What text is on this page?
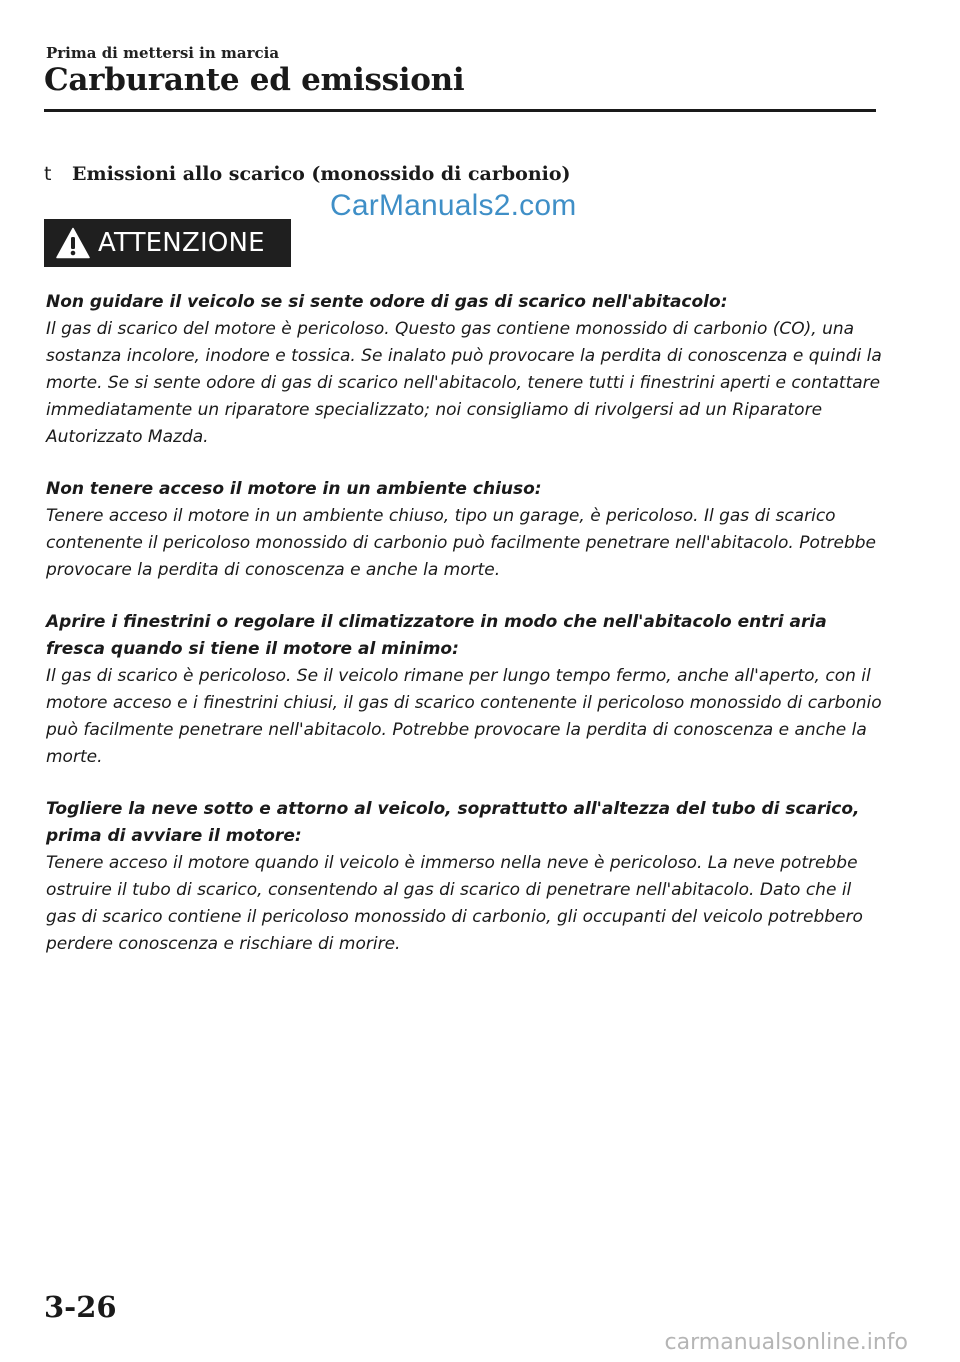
Prima di mettersi in marcia
Carburante ed emissioni
t Emissioni allo scarico (monossido di carbonio)
CarManuals2.com
ATTENZIONE
Non guidare il veicolo se si sente odore di gas di scarico nell'abitacolo:
Il gas di scarico del motore è pericoloso. Questo gas contiene monossido di carbonio (CO), una sostanza incolore, inodore e tossica. Se inalato può provocare la perdita di conoscenza e quindi la morte. Se si sente odore di gas di scarico nell'abitacolo, tenere tutti i finestrini aperti e contattare immediatamente un riparatore specializzato; noi consigliamo di rivolgersi ad un Riparatore Autorizzato Mazda.
Non tenere acceso il motore in un ambiente chiuso:
Tenere acceso il motore in un ambiente chiuso, tipo un garage, è pericoloso. Il gas di scarico contenente il pericoloso monossido di carbonio può facilmente penetrare nell'abitacolo. Potrebbe provocare la perdita di conoscenza e anche la morte.
Aprire i finestrini o regolare il climatizzatore in modo che nell'abitacolo entri aria fresca quando si tiene il motore al minimo:
Il gas di scarico è pericoloso. Se il veicolo rimane per lungo tempo fermo, anche all'aperto, con il motore acceso e i finestrini chiusi, il gas di scarico contenente il pericoloso monossido di carbonio può facilmente penetrare nell'abitacolo. Potrebbe provocare la perdita di conoscenza e anche la morte.
Togliere la neve sotto e attorno al veicolo, soprattutto all'altezza del tubo di scarico, prima di avviare il motore:
Tenere acceso il motore quando il veicolo è immerso nella neve è pericoloso. La neve potrebbe ostruire il tubo di scarico, consentendo al gas di scarico di penetrare nell'abitacolo. Dato che il gas di scarico contiene il pericoloso monossido di carbonio, gli occupanti del veicolo potrebbero perdere conoscenza e rischiare di morire.
3-26
carmanualsonline.info
